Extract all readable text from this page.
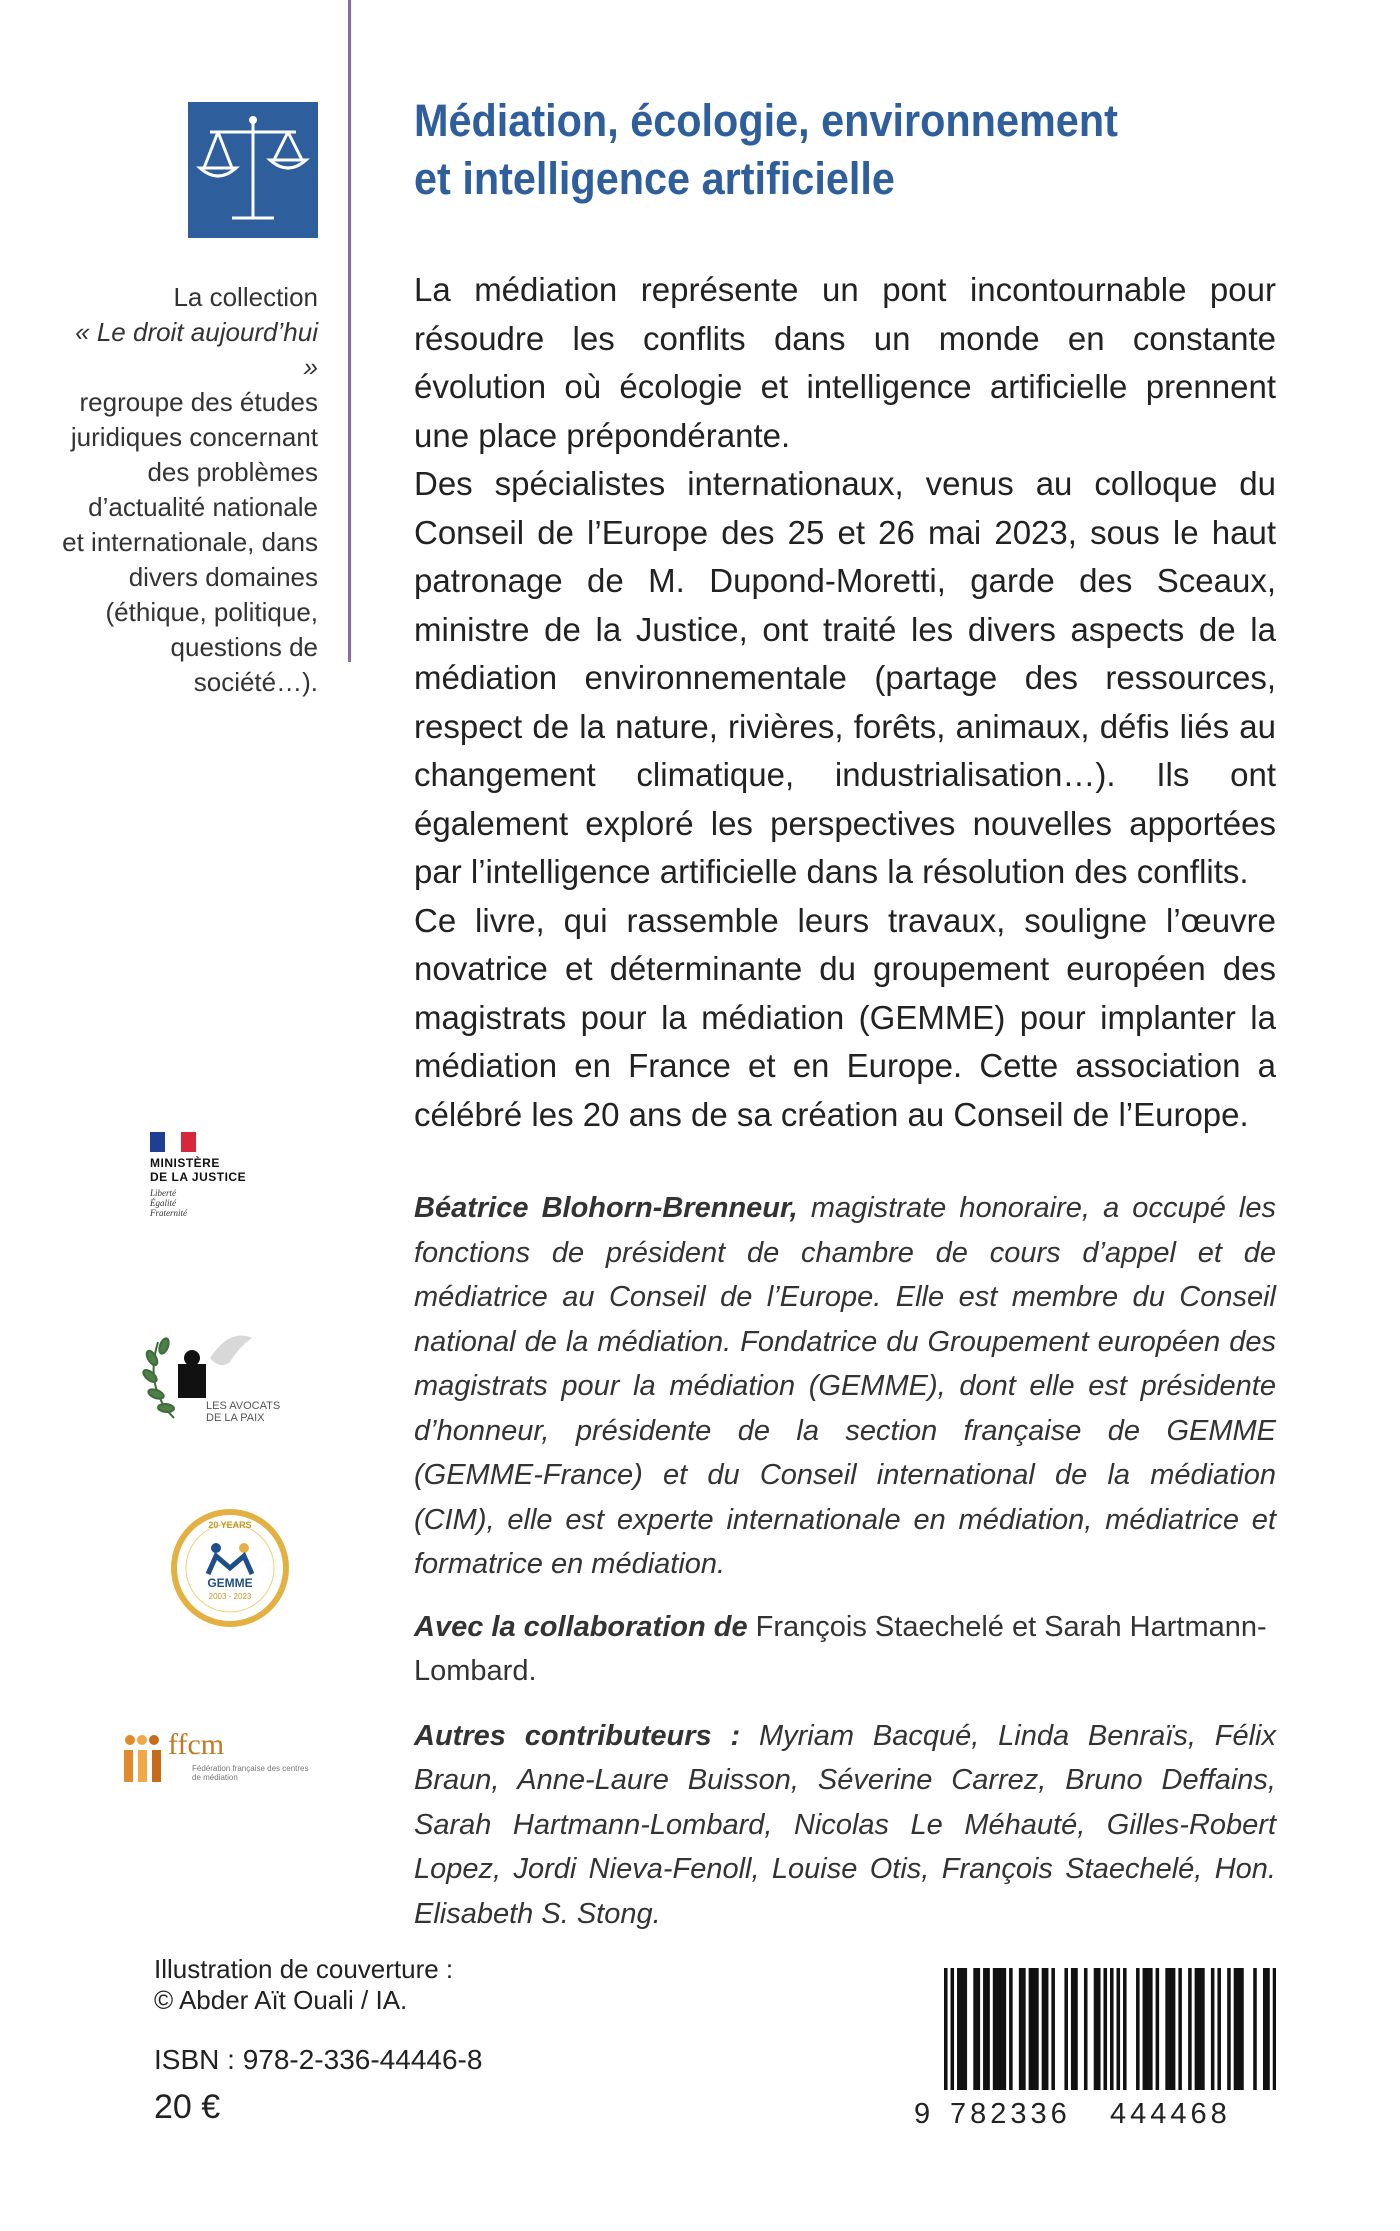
La collection
« Le droit aujourd’hui »
regroupe des études juridiques concernant des problèmes d’actualité nationale et internationale, dans divers domaines (éthique, politique, questions de société…).
Médiation, écologie, environnement
et intelligence artificielle

La médiation représente un pont incontournable pour résoudre les conflits dans un monde en constante évolution où écologie et intelligence artificielle prennent une place prépondérante.

Des spécialistes internationaux, venus au colloque du Conseil de l’Europe des 25 et 26 mai 2023, sous le haut patronage de M. Dupond-Moretti, garde des Sceaux, ministre de la Justice, ont traité les divers aspects de la médiation environnementale (partage des ressources, respect de la nature, rivières, forêts, animaux, défis liés au changement climatique, industrialisation…). Ils ont également exploré les perspectives nouvelles apportées par l’intelligence artificielle dans la résolution des conflits.

Ce livre, qui rassemble leurs travaux, souligne l’œuvre novatrice et déterminante du groupement européen des magistrats pour la médiation (GEMME) pour implanter la médiation en France et en Europe. Cette association a célébré les 20 ans de sa création au Conseil de l’Europe.

Béatrice Blohorn-Brenneur, magistrate honoraire, a occupé les fonctions de président de chambre de cours d’appel et de médiatrice au Conseil de l’Europe. Elle est membre du Conseil national de la médiation. Fondatrice du Groupement européen des magistrats pour la médiation (GEMME), dont elle est présidente d’honneur, présidente de la section française de GEMME (GEMME-France) et du Conseil international de la médiation (CIM), elle est experte internationale en médiation, médiatrice et formatrice en médiation.

Avec la collaboration de François Staechelé et Sarah Hartmann-Lombard.

Autres contributeurs : Myriam Bacqué, Linda Benraïs, Félix Braun, Anne-Laure Buisson, Séverine Carrez, Bruno Deffains, Sarah Hartmann-Lombard, Nicolas Le Méhauté, Gilles-Robert Lopez, Jordi Nieva-Fenoll, Louise Otis, François Staechelé, Hon. Elisabeth S. Stong.

MINISTÈRE
DE LA JUSTICE
Liberté
Égalité
Fraternité
LES AVOCATS
DE LA PAIX
20 YEARS
GEMME
2003 - 2023
ffcm
Fédération française des centres de médiation
Illustration de couverture :
© Abder Aït Ouali / IA.
ISBN : 978-2-336-44446-8
20 €	9 782336 444468
